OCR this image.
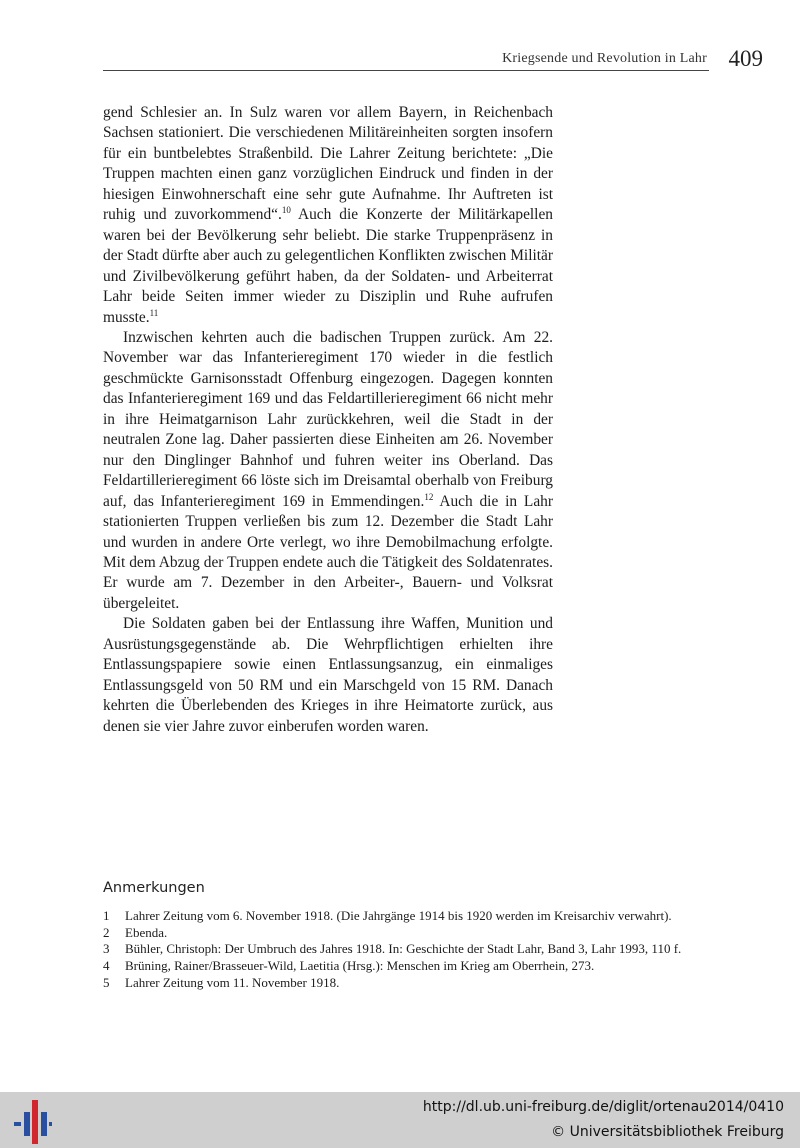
Kriegsende und Revolution in Lahr 409

gend Schlesier an. In Sulz waren vor allem Bayern, in Reichenbach Sachsen stationiert. Die verschiedenen Militäreinheiten sorgten insofern für ein buntbelebtes Straßenbild. Die Lahrer Zeitung berichtete: „Die Truppen machten einen ganz vorzüglichen Eindruck und finden in der hiesigen Einwohnerschaft eine sehr gute Aufnahme. Ihr Auftreten ist ruhig und zuvorkommend“.$^{10}$ Auch die Konzerte der Militärkapellen waren bei der Bevölkerung sehr beliebt. Die starke Truppenpräsenz in der Stadt dürfte aber auch zu gelegentlichen Konflikten zwischen Militär und Zivilbevölkerung geführt haben, da der Soldaten- und Arbeiterrat Lahr beide Seiten immer wieder zu Disziplin und Ruhe aufrufen musste.$^{11}$

Inzwischen kehrten auch die badischen Truppen zurück. Am 22. November war das Infanterieregiment 170 wieder in die festlich geschmückte Garnisonsstadt Offenburg eingezogen. Dagegen konnten das Infanterieregiment 169 und das Feldartillerieregiment 66 nicht mehr in ihre Heimatgarnison Lahr zurückkehren, weil die Stadt in der neutralen Zone lag. Daher passierten diese Einheiten am 26. November nur den Dinglinger Bahnhof und fuhren weiter ins Oberland. Das Feldartillerieregiment 66 löste sich im Dreisamtal oberhalb von Freiburg auf, das Infanterieregiment 169 in Emmendingen.$^{12}$ Auch die in Lahr stationierten Truppen verließen bis zum 12. Dezember die Stadt Lahr und wurden in andere Orte verlegt, wo ihre Demobilmachung erfolgte. Mit dem Abzug der Truppen endete auch die Tätigkeit des Soldatenrates. Er wurde am 7. Dezember in den Arbeiter-, Bauern- und Volksrat übergeleitet.

Die Soldaten gaben bei der Entlassung ihre Waffen, Munition und Ausrüstungsgegenstände ab. Die Wehrpflichtigen erhielten ihre Entlassungspapiere sowie einen Entlassungsanzug, ein einmaliges Entlassungsgeld von 50 RM und ein Marschgeld von 15 RM. Danach kehrten die Überlebenden des Krieges in ihre Heimatorte zurück, aus denen sie vier Jahre zuvor einberufen worden waren.

Anmerkungen
1	Lahrer Zeitung vom 6. November 1918. (Die Jahrgänge 1914 bis 1920 werden im Kreisarchiv verwahrt).
2	Ebenda.
3	Bühler, Christoph: Der Umbruch des Jahres 1918. In: Geschichte der Stadt Lahr, Band 3, Lahr 1993, 110 f.
4	Brüning, Rainer/Brasseuer-Wild, Laetitia (Hrsg.): Menschen im Krieg am Oberrhein, 273.
5	Lahrer Zeitung vom 11. November 1918.
http://dl.ub.uni-freiburg.de/diglit/ortenau2014/0410
© Universitätsbibliothek Freiburg
